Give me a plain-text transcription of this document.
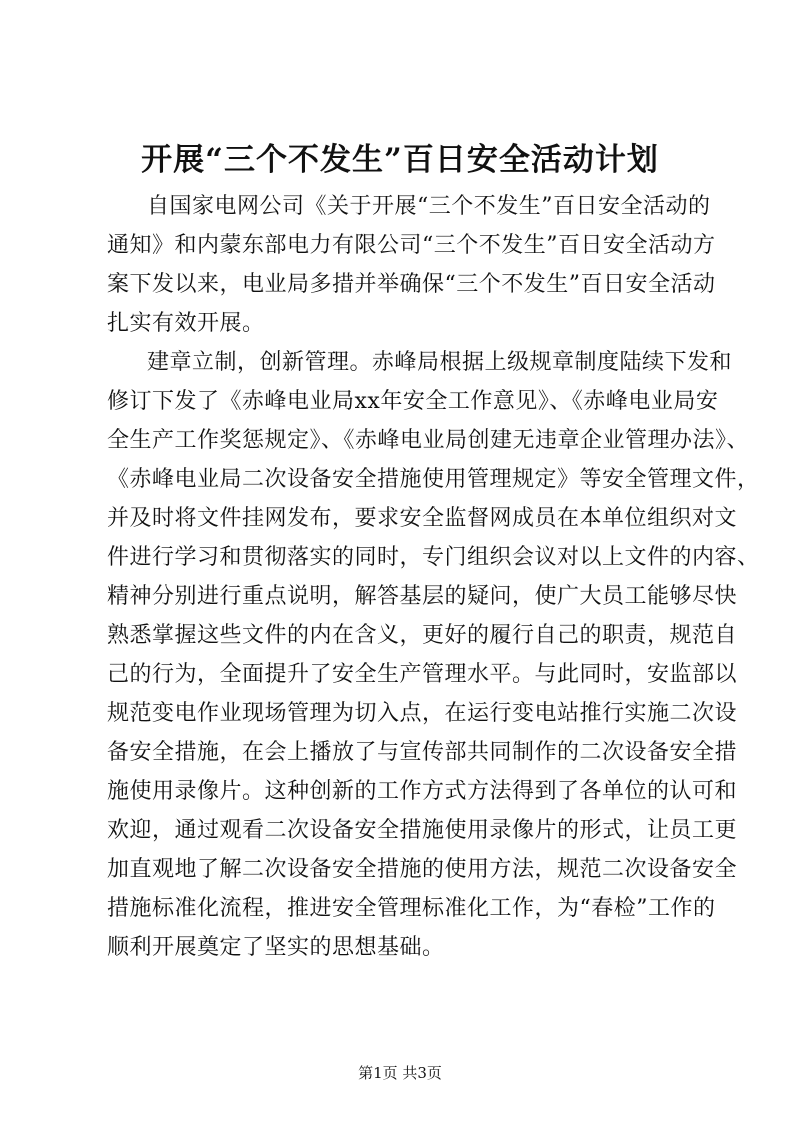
开展“三个不发生”百日安全活动计划
自国家电网公司《关于开展“三个不发生”百日安全活动的
通知》和内蒙东部电力有限公司“三个不发生”百日安全活动方
案下发以来，电业局多措并举确保“三个不发生”百日安全活动
扎实有效开展。
建章立制，创新管理。赤峰局根据上级规章制度陆续下发和
修订下发了《赤峰电业局xx年安全工作意见》、《赤峰电业局安
全生产工作奖惩规定》、《赤峰电业局创建无违章企业管理办法》、
《赤峰电业局二次设备安全措施使用管理规定》等安全管理文件，
并及时将文件挂网发布，要求安全监督网成员在本单位组织对文
件进行学习和贯彻落实的同时，专门组织会议对以上文件的内容、
精神分别进行重点说明，解答基层的疑问，使广大员工能够尽快
熟悉掌握这些文件的内在含义，更好的履行自己的职责，规范自
己的行为，全面提升了安全生产管理水平。与此同时，安监部以
规范变电作业现场管理为切入点，在运行变电站推行实施二次设
备安全措施，在会上播放了与宣传部共同制作的二次设备安全措
施使用录像片。这种创新的工作方式方法得到了各单位的认可和
欢迎，通过观看二次设备安全措施使用录像片的形式，让员工更
加直观地了解二次设备安全措施的使用方法，规范二次设备安全
措施标准化流程，推进安全管理标准化工作，为“春检”工作的
顺利开展奠定了坚实的思想基础。
第1页 共3页
